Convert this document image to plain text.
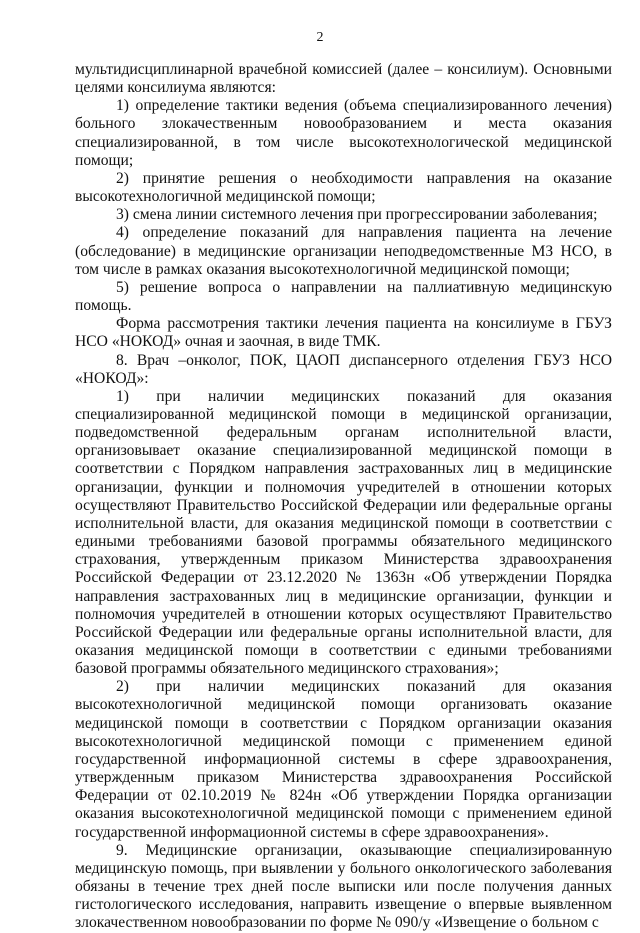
2

мультидисциплинарной врачебной комиссией (далее – консилиум). Основными целями консилиума являются:

1) определение тактики ведения (объема специализированного лечения) больного злокачественным новообразованием и места оказания специализированной, в том числе высокотехнологической медицинской помощи;

2) принятие решения о необходимости направления на оказание высокотехнологичной медицинской помощи;

3) смена линии системного лечения при прогрессировании заболевания;

4) определение показаний для направления пациента на лечение (обследование) в медицинские организации неподведомственные МЗ НСО, в том числе в рамках оказания высокотехнологичной медицинской помощи;

5) решение вопроса о направлении на паллиативную медицинскую помощь.

Форма рассмотрения тактики лечения пациента на консилиуме в ГБУЗ НСО «НОКОД» очная и заочная, в виде ТМК.

8. Врач –онколог, ПОК, ЦАОП диспансерного отделения ГБУЗ НСО «НОКОД»:

1) при наличии медицинских показаний для оказания специализированной медицинской помощи в медицинской организации, подведомственной федеральным органам исполнительной власти, организовывает оказание специализированной медицинской помощи в соответствии с Порядком направления застрахованных лиц в медицинские организации, функции и полномочия учредителей в отношении которых осуществляют Правительство Российской Федерации или федеральные органы исполнительной власти, для оказания медицинской помощи в соответствии с едиными требованиями базовой программы обязательного медицинского страхования, утвержденным приказом Министерства здравоохранения Российской Федерации от 23.12.2020 № 1363н «Об утверждении Порядка направления застрахованных лиц в медицинские организации, функции и полномочия учредителей в отношении которых осуществляют Правительство Российской Федерации или федеральные органы исполнительной власти, для оказания медицинской помощи в соответствии с едиными требованиями базовой программы обязательного медицинского страхования»;

2) при наличии медицинских показаний для оказания высокотехнологичной медицинской помощи организовать оказание медицинской помощи в соответствии с Порядком организации оказания высокотехнологичной медицинской помощи с применением единой государственной информационной системы в сфере здравоохранения, утвержденным приказом Министерства здравоохранения Российской Федерации от 02.10.2019 № 824н «Об утверждении Порядка организации оказания высокотехнологичной медицинской помощи с применением единой государственной информационной системы в сфере здравоохранения».

9. Медицинские организации, оказывающие специализированную медицинскую помощь, при выявлении у больного онкологического заболевания обязаны в течение трех дней после выписки или после получения данных гистологического исследования, направить извещение о впервые выявленном злокачественном новообразовании по форме № 090/у «Извещение о больном с
